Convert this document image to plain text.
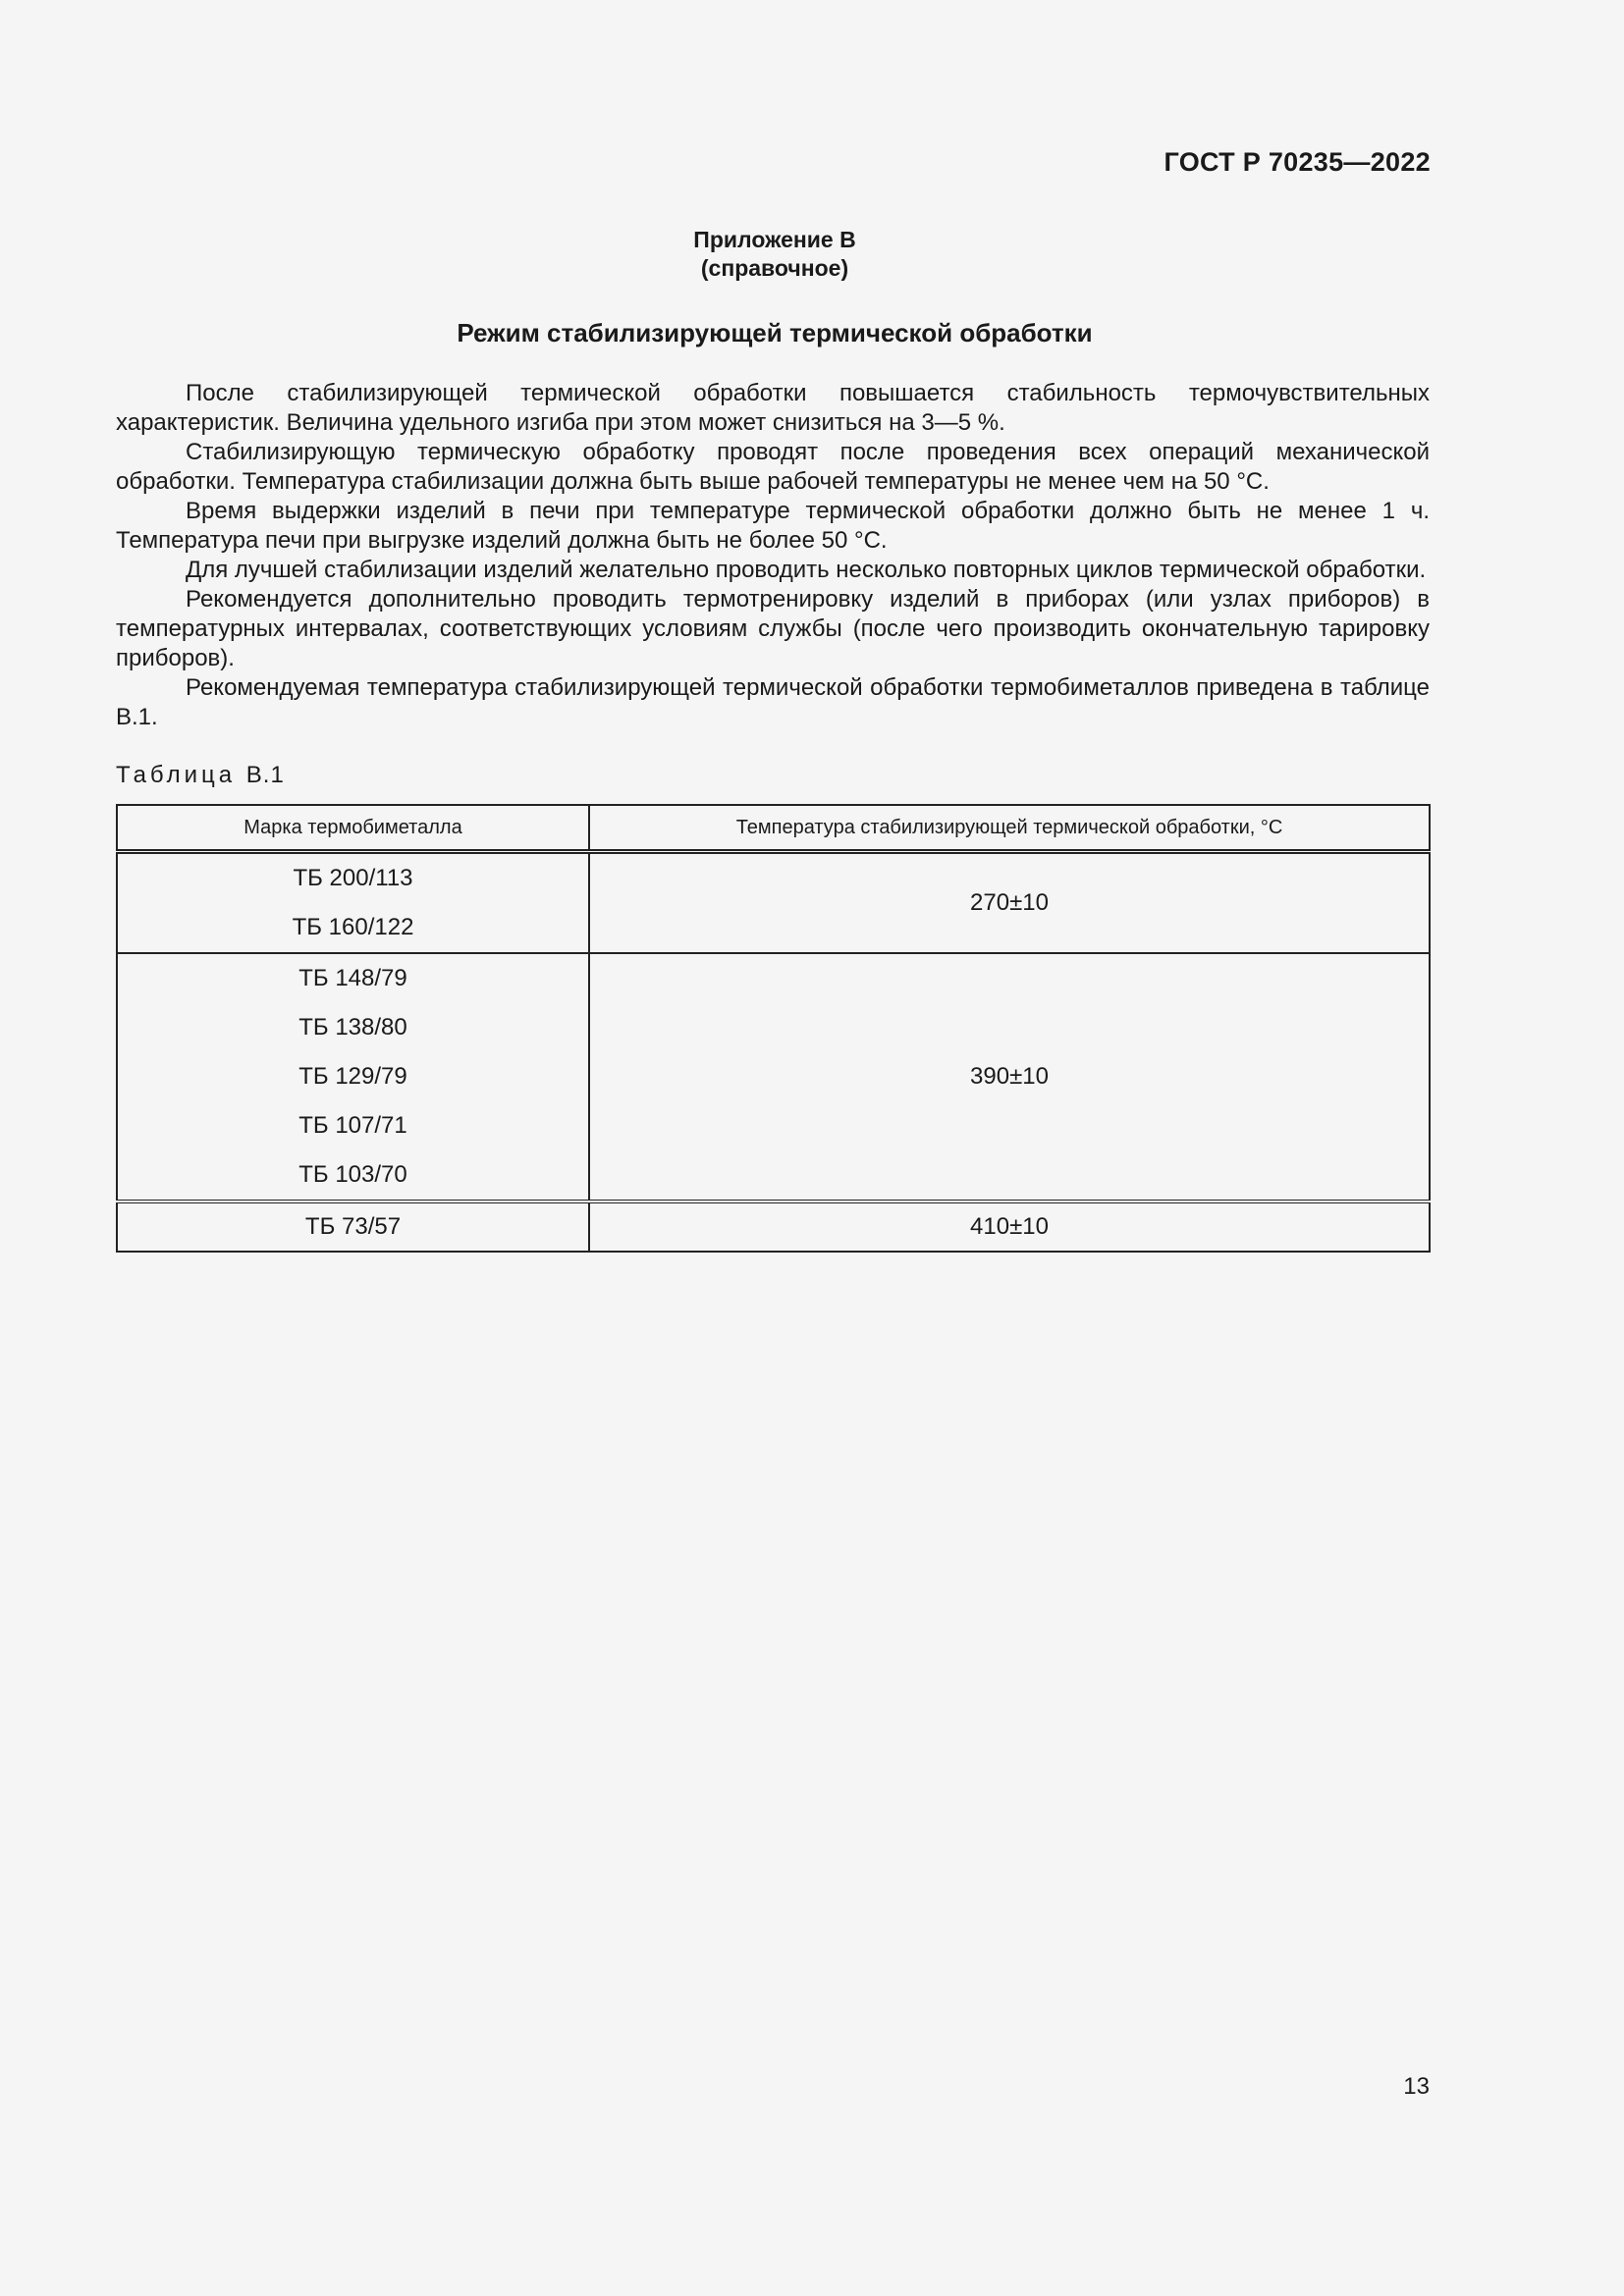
ГОСТ Р 70235—2022
Приложение В
(справочное)
Режим стабилизирующей термической обработки

После стабилизирующей термической обработки повышается стабильность термочувствительных характеристик. Величина удельного изгиба при этом может снизиться на 3—5 %.

Стабилизирующую термическую обработку проводят после проведения всех операций механической обработки. Температура стабилизации должна быть выше рабочей температуры не менее чем на 50 °C.

Время выдержки изделий в печи при температуре термической обработки должно быть не менее 1 ч. Температура печи при выгрузке изделий должна быть не более 50 °C.

Для лучшей стабилизации изделий желательно проводить несколько повторных циклов термической обработки.

Рекомендуется дополнительно проводить термотренировку изделий в приборах (или узлах приборов) в температурных интервалах, соответствующих условиям службы (после чего производить окончательную тарировку приборов).

Рекомендуемая температура стабилизирующей термической обработки термобиметаллов приведена в таблице В.1.

Таблица В.1
Марка термобиметалла	Температура стабилизирующей термической обработки, °C

ТБ 200/113
ТБ 160/122	270±10

ТБ 148/79
ТБ 138/80
ТБ 129/79
ТБ 107/71
ТБ 103/70	390±10
ТБ 73/57	410±10
13
